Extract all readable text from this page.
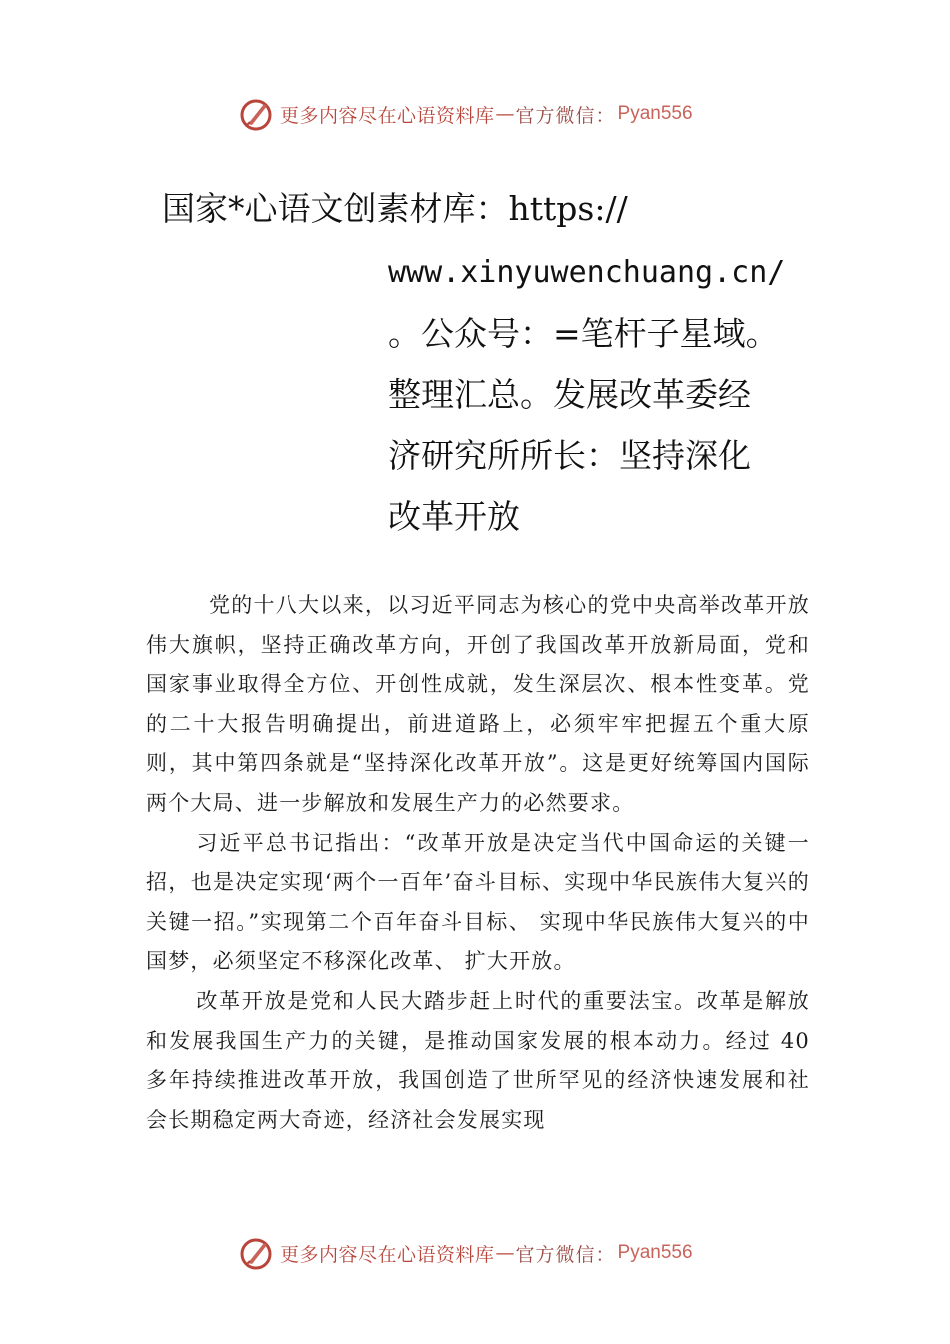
更多内容尽在心语资料库 — 官方微信： Pyan556
国家*心语文创素材库：https://
www.xinyuwenchuang.cn/
。公众号：=笔杆子星域。
整理汇总。发展改革委经
济研究所所长：坚持深化
改革开放

党的十八大以来，以习近平同志为核心的党中央高举改革开放伟大旗帜，坚持正确改革方向，开创了我国改革开放新局面，党和国家事业取得全方位、开创性成就，发生深层次、根本性变革。党的二十大报告明确提出，前进道路上，必须牢牢把握五个重大原则，其中第四条就是“坚持深化改革开放”。这是更好统筹国内国际两个大局、进一步解放和发展生产力的必然要求。

习近平总书记指出：“改革开放是决定当代中国命运的关键一招，也是决定实现‘两个一百年’奋斗目标、实现中华民族伟大复兴的关键一招。”实现第二个百年奋斗目标、 实现中华民族伟大复兴的中国梦，必须坚定不移深化改革、 扩大开放。

改革开放是党和人民大踏步赶上时代的重要法宝。改革是解放和发展我国生产力的关键，是推动国家发展的根本动力。经过 40 多年持续推进改革开放，我国创造了世所罕见的经济快速发展和社会长期稳定两大奇迹，经济社会发展实现

更多内容尽在心语资料库 — 官方微信： Pyan556
